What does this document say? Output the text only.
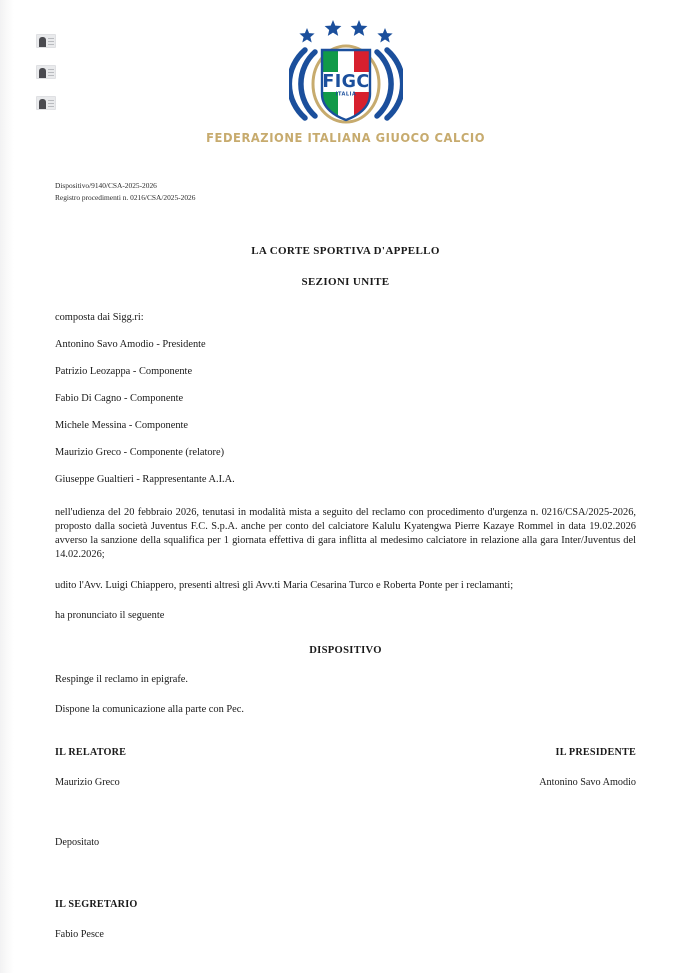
FIGC
ITALIA
FEDERAZIONE ITALIANA GIUOCO CALCIO
Dispositivo/9140/CSA-2025-2026
Registro procedimenti n. 0216/CSA/2025-2026
LA CORTE SPORTIVA D'APPELLO
SEZIONI UNITE
composta dai Sigg.ri:
Antonino Savo Amodio - Presidente
Patrizio Leozappa - Componente
Fabio Di Cagno - Componente
Michele Messina - Componente
Maurizio Greco - Componente (relatore)
Giuseppe Gualtieri - Rappresentante A.I.A.
nell'udienza del 20 febbraio 2026, tenutasi in modalità mista a seguito del reclamo con procedimento d'urgenza n. 0216/CSA/2025-2026, proposto dalla società Juventus F.C. S.p.A. anche per conto del calciatore Kalulu Kyatengwa Pierre Kazaye Rommel in data 19.02.2026 avverso la sanzione della squalifica per 1 giornata effettiva di gara inflitta al medesimo calciatore in relazione alla gara Inter/Juventus del 14.02.2026;
udito l'Avv. Luigi Chiappero, presenti altresì gli Avv.ti Maria Cesarina Turco e Roberta Ponte per i reclamanti;
ha pronunciato il seguente
DISPOSITIVO
Respinge il reclamo in epigrafe.
Dispone la comunicazione alla parte con Pec.
IL RELATORE
Maurizio Greco
IL PRESIDENTE
Antonino Savo Amodio
Depositato
IL SEGRETARIO
Fabio Pesce
